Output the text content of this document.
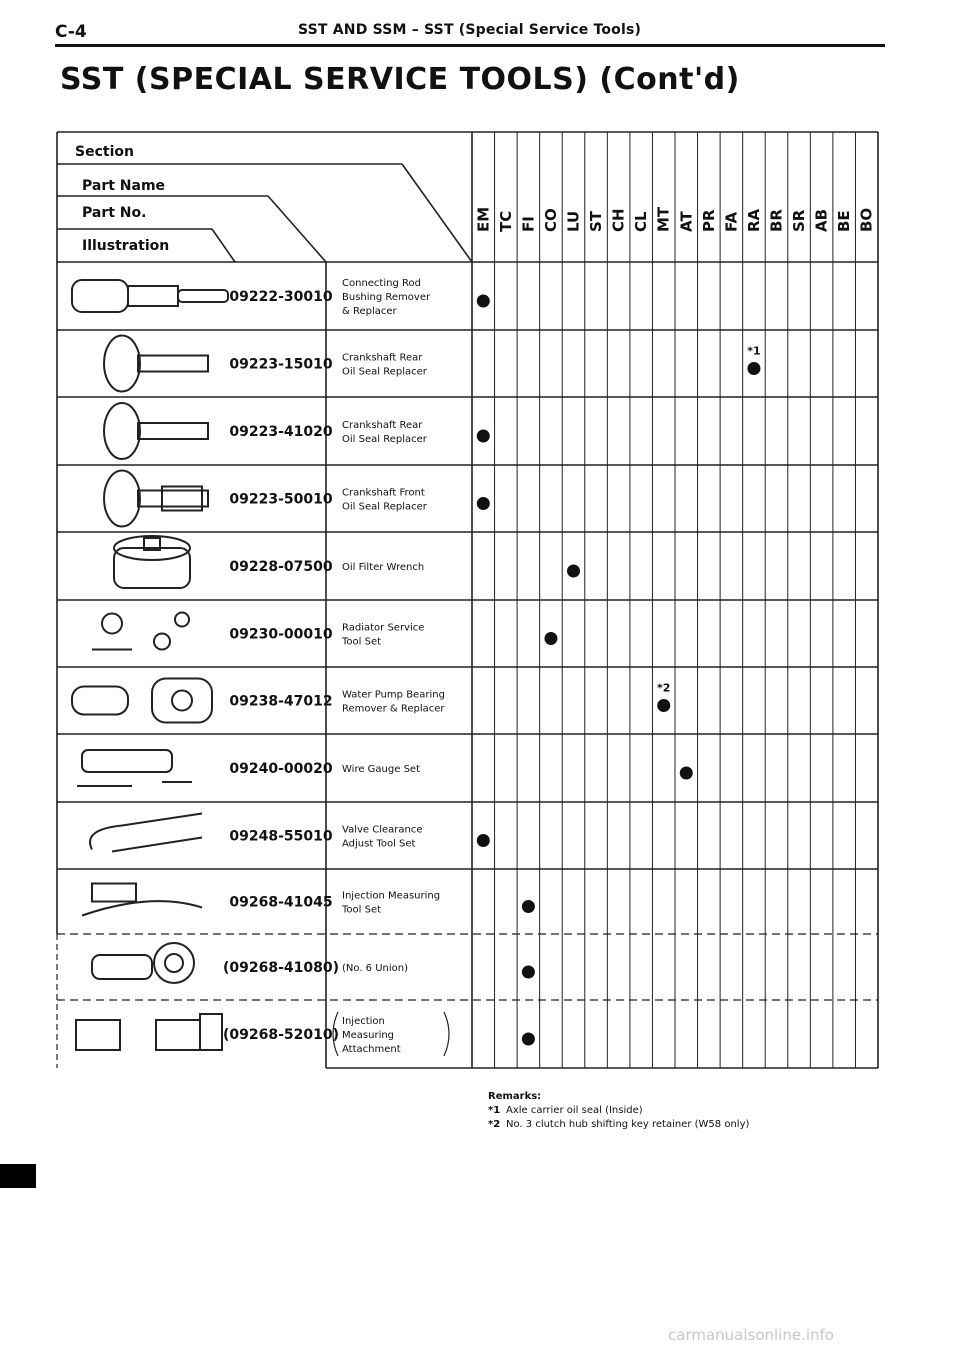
C-4	SST AND SSM – SST (Special Service Tools)
SST (SPECIAL SERVICE TOOLS) (Cont'd)
Section
Part Name
Part No.
Illustration
EM TC FI CO LU ST CH CL MT AT PR FA RA BR SR AB BE BO
09222-30010
Connecting Rod
Bushing Remover
& Replacer
09223-15010 Crankshaft Rear
Oil Seal Replacer
*1
09223-41020 Crankshaft Rear
Oil Seal Replacer
09223-50010 Crankshaft Front
Oil Seal Replacer
09228-07500 Oil Filter Wrench
09230-00010 Radiator Service
Tool Set
09238-47012 Water Pump Bearing
Remover & Replacer
*2
09240-00020 Wire Gauge Set
09248-55010 Valve Clearance
Adjust Tool Set
09268-41045 Injection Measuring
Tool Set
(09268-41080) (No. 6 Union)
(09268-52010)
Injection
Measuring
Attachment
Remarks:
*1 Axle carrier oil seal (Inside)
*2 No. 3 clutch hub shifting key retainer (W58 only)
carmanualsonline.info
